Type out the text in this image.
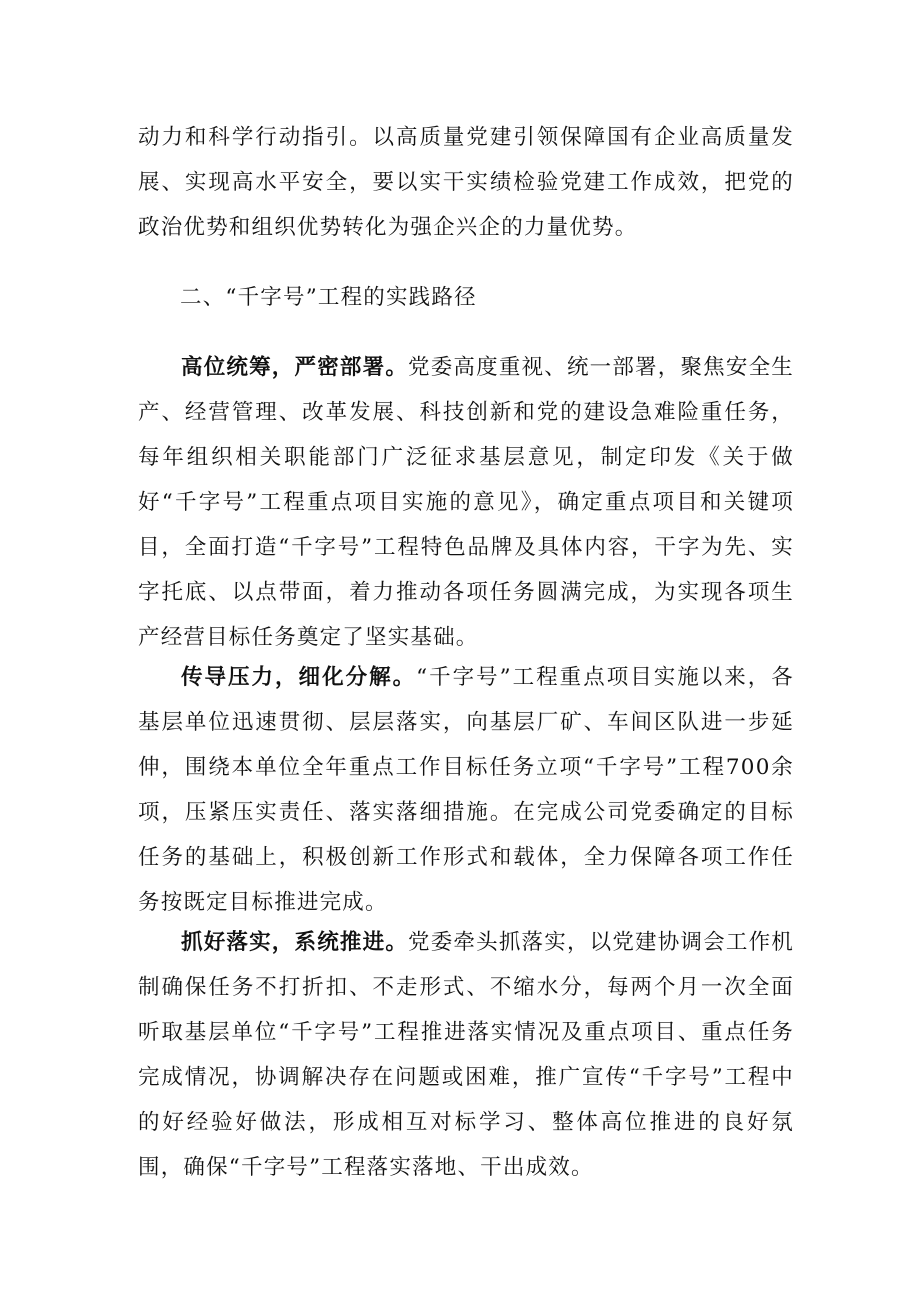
动力和科学行动指引。以高质量党建引领保障国有企业高质量发展、实现高水平安全，要以实干实绩检验党建工作成效，把党的政治优势和组织优势转化为强企兴企的力量优势。

二、“千字号”工程的实践路径

高位统筹，严密部署。党委高度重视、统一部署，聚焦安全生产、经营管理、改革发展、科技创新和党的建设急难险重任务，每年组织相关职能部门广泛征求基层意见，制定印发《关于做好“千字号”工程重点项目实施的意见》，确定重点项目和关键项目，全面打造“千字号”工程特色品牌及具体内容，干字为先、实字托底、以点带面，着力推动各项任务圆满完成，为实现各项生产经营目标任务奠定了坚实基础。

传导压力，细化分解。“千字号”工程重点项目实施以来，各基层单位迅速贯彻、层层落实，向基层厂矿、车间区队进一步延伸，围绕本单位全年重点工作目标任务立项“千字号”工程700余项，压紧压实责任、落实落细措施。在完成公司党委确定的目标任务的基础上，积极创新工作形式和载体，全力保障各项工作任务按既定目标推进完成。

抓好落实，系统推进。党委牵头抓落实，以党建协调会工作机制确保任务不打折扣、不走形式、不缩水分，每两个月一次全面听取基层单位“千字号”工程推进落实情况及重点项目、重点任务完成情况，协调解决存在问题或困难，推广宣传“千字号”工程中的好经验好做法，形成相互对标学习、整体高位推进的良好氛围，确保“千字号”工程落实落地、干出成效。
